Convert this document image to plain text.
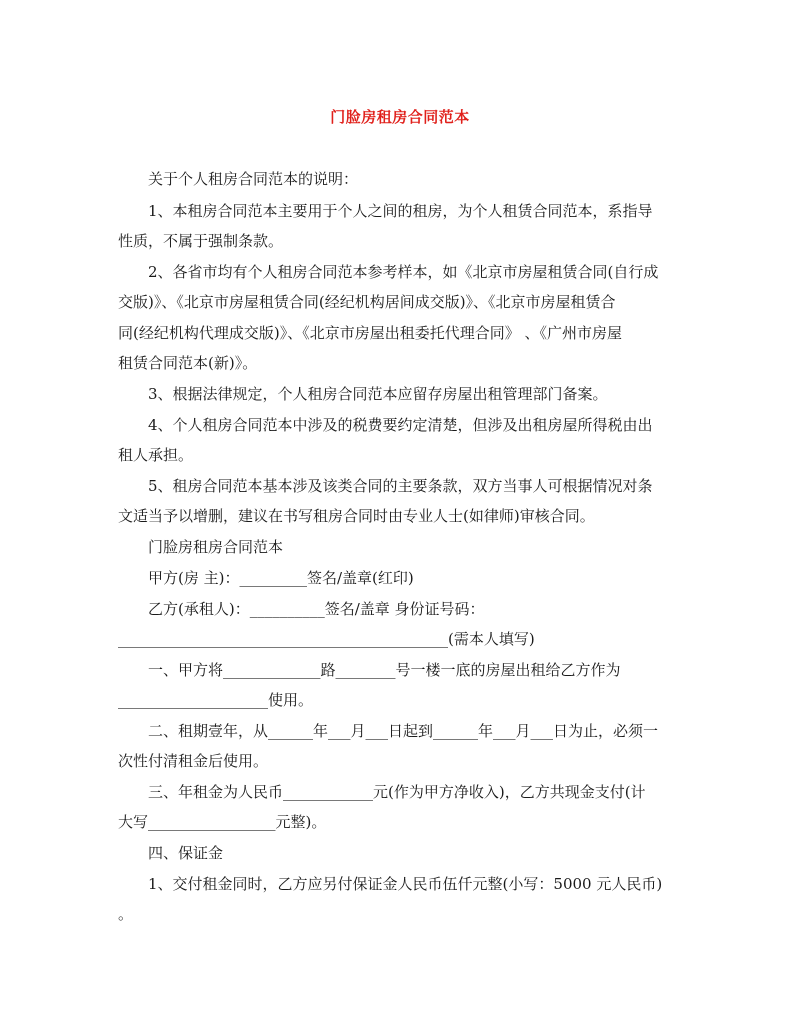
门脸房租房合同范本
关于个人租房合同范本的说明：
1、本租房合同范本主要用于个人之间的租房，为个人租赁合同范本，系指导
性质，不属于强制条款。
2、各省市均有个人租房合同范本参考样本，如《北京市房屋租赁合同(自行成
交版)》、《北京市房屋租赁合同(经纪机构居间成交版)》、《北京市房屋租赁合
同(经纪机构代理成交版)》、《北京市房屋出租委托代理合同》 、《广州市房屋
租赁合同范本(新)》。
3、根据法律规定，个人租房合同范本应留存房屋出租管理部门备案。
4、个人租房合同范本中涉及的税费要约定清楚，但涉及出租房屋所得税由出
租人承担。
5、租房合同范本基本涉及该类合同的主要条款，双方当事人可根据情况对条
文适当予以增删，建议在书写租房合同时由专业人士(如律师)审核合同。
门脸房租房合同范本
甲方(房 主)：_________签名/盖章(红印)
乙方(承租人)：__________签名/盖章 身份证号码：
____________________________________________(需本人填写)
一、甲方将_____________路________号一楼一底的房屋出租给乙方作为
____________________使用。
二、租期壹年，从______年___月___日起到______年___月___日为止，必须一
次性付清租金后使用。
三、年租金为人民币____________元(作为甲方净收入)，乙方共现金支付(计
大写_________________元整)。
四、保证金
1、交付租金同时，乙方应另付保证金人民币伍仟元整(小写：5000 元人民币)
。
